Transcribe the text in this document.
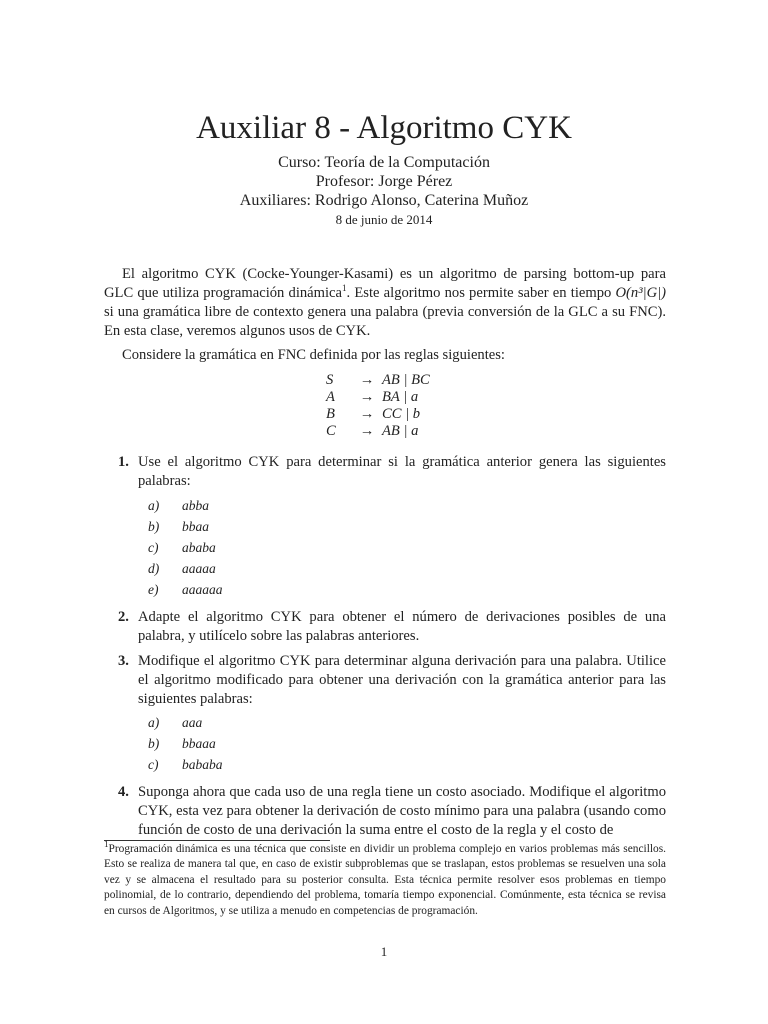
Auxiliar 8 - Algoritmo CYK
Curso: Teoría de la Computación
Profesor: Jorge Pérez
Auxiliares: Rodrigo Alonso, Caterina Muñoz
8 de junio de 2014
El algoritmo CYK (Cocke-Younger-Kasami) es un algoritmo de parsing bottom-up para GLC que utiliza programación dinámica$^1$. Este algoritmo nos permite saber en tiempo O(n³|G|) si una gramática libre de contexto genera una palabra (previa conversión de la GLC a su FNC). En esta clase, veremos algunos usos de CYK.
Considere la gramática en FNC definida por las reglas siguientes:
S	→	AB | BC
A	→	BA | a
B	→	CC | b
C	→	AB | a
1. Use el algoritmo CYK para determinar si la gramática anterior genera las siguientes palabras:
a) abba
b) bbaa
c) ababa
d) aaaaa
e) aaaaaa
2. Adapte el algoritmo CYK para obtener el número de derivaciones posibles de una palabra, y utilícelo sobre las palabras anteriores.
3. Modifique el algoritmo CYK para determinar alguna derivación para una palabra. Utilice el algoritmo modificado para obtener una derivación con la gramática anterior para las siguientes palabras:
a) aaa
b) bbaaa
c) bababa
4. Suponga ahora que cada uso de una regla tiene un costo asociado. Modifique el algoritmo CYK, esta vez para obtener la derivación de costo mínimo para una palabra (usando como función de costo de una derivación la suma entre el costo de la regla y el costo de
$^1$Programación dinámica es una técnica que consiste en dividir un problema complejo en varios problemas más sencillos. Esto se realiza de manera tal que, en caso de existir subproblemas que se traslapan, estos problemas se resuelven una sola vez y se almacena el resultado para su posterior consulta. Esta técnica permite resolver esos problemas en tiempo polinomial, de lo contrario, dependiendo del problema, tomaría tiempo exponencial. Comúnmente, esta técnica se revisa en cursos de Algoritmos, y se utiliza a menudo en competencias de programación.
1
